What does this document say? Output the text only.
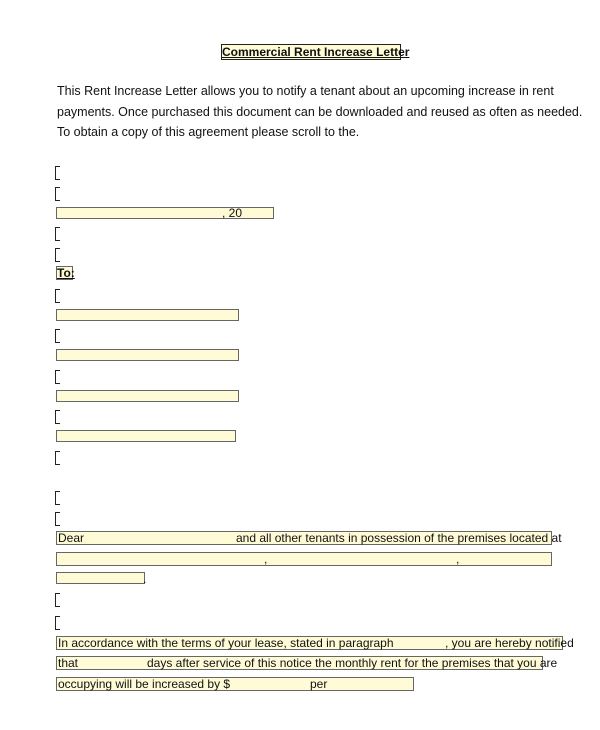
Commercial Rent Increase Letter
This Rent Increase Letter allows you to notify a tenant about an upcoming increase in rent
payments. Once purchased this document can be downloaded and reused as often as needed.
To obtain a copy of this agreement please scroll to the.
, 20
To:
Dear	and all other tenants in possession of the premises located at
,	,
.
In accordance with the terms of your lease, stated in paragraph	, you are hereby notified
that	days after service of this notice the monthly rent for the premises that you are
occupying will be increased by $	per
